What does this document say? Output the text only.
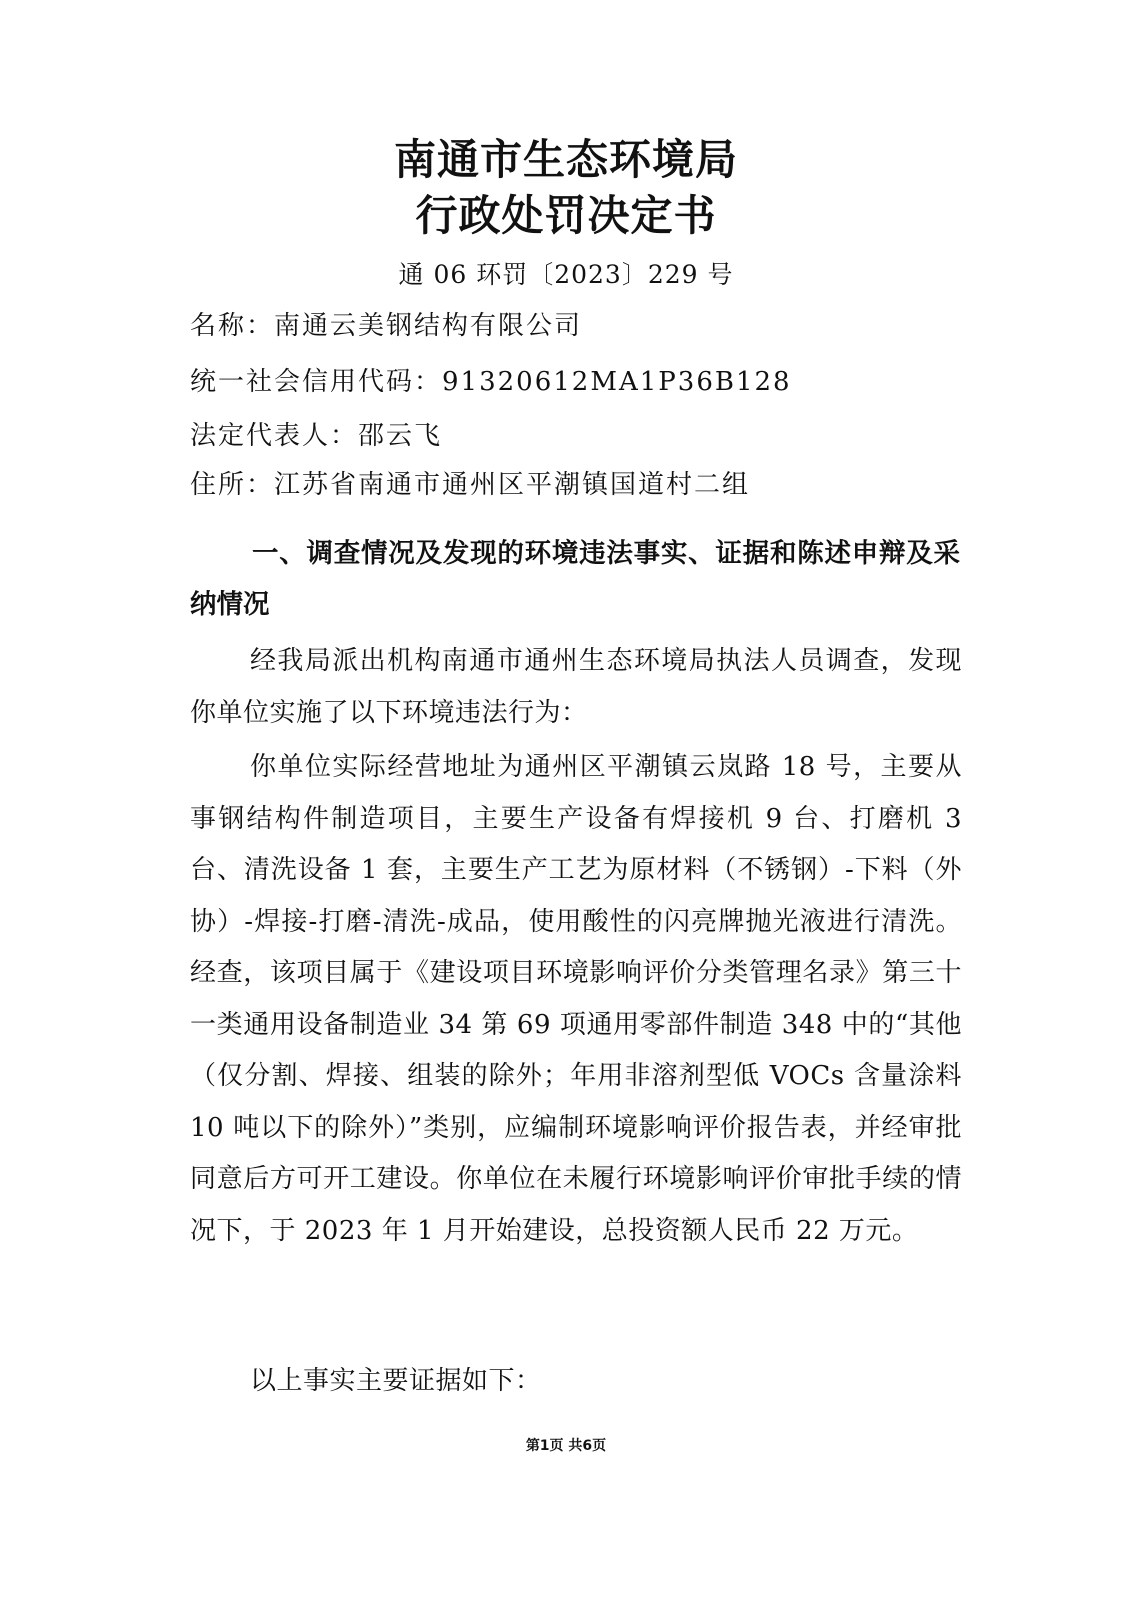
南通市生态环境局
行政处罚决定书
通 06 环罚〔2023〕229 号
名称：南通云美钢结构有限公司
统一社会信用代码：91320612MA1P36B128
法定代表人：邵云飞
住所：江苏省南通市通州区平潮镇国道村二组
一、调查情况及发现的环境违法事实、证据和陈述申辩及采纳情况
经我局派出机构南通市通州生态环境局执法人员调查，发现你单位实施了以下环境违法行为：
你单位实际经营地址为通州区平潮镇云岚路 18 号，主要从事钢结构件制造项目，主要生产设备有焊接机 9 台、打磨机 3 台、清洗设备 1 套，主要生产工艺为原材料（不锈钢）-下料（外协）-焊接-打磨-清洗-成品，使用酸性的闪亮牌抛光液进行清洗。经查，该项目属于《建设项目环境影响评价分类管理名录》第三十一类通用设备制造业 34 第 69 项通用零部件制造 348 中的“其他（仅分割、焊接、组装的除外；年用非溶剂型低 VOCs 含量涂料 10 吨以下的除外）”类别，应编制环境影响评价报告表，并经审批同意后方可开工建设。你单位在未履行环境影响评价审批手续的情况下，于 2023 年 1 月开始建设，总投资额人民币 22 万元。
以上事实主要证据如下：
第1页 共6页
